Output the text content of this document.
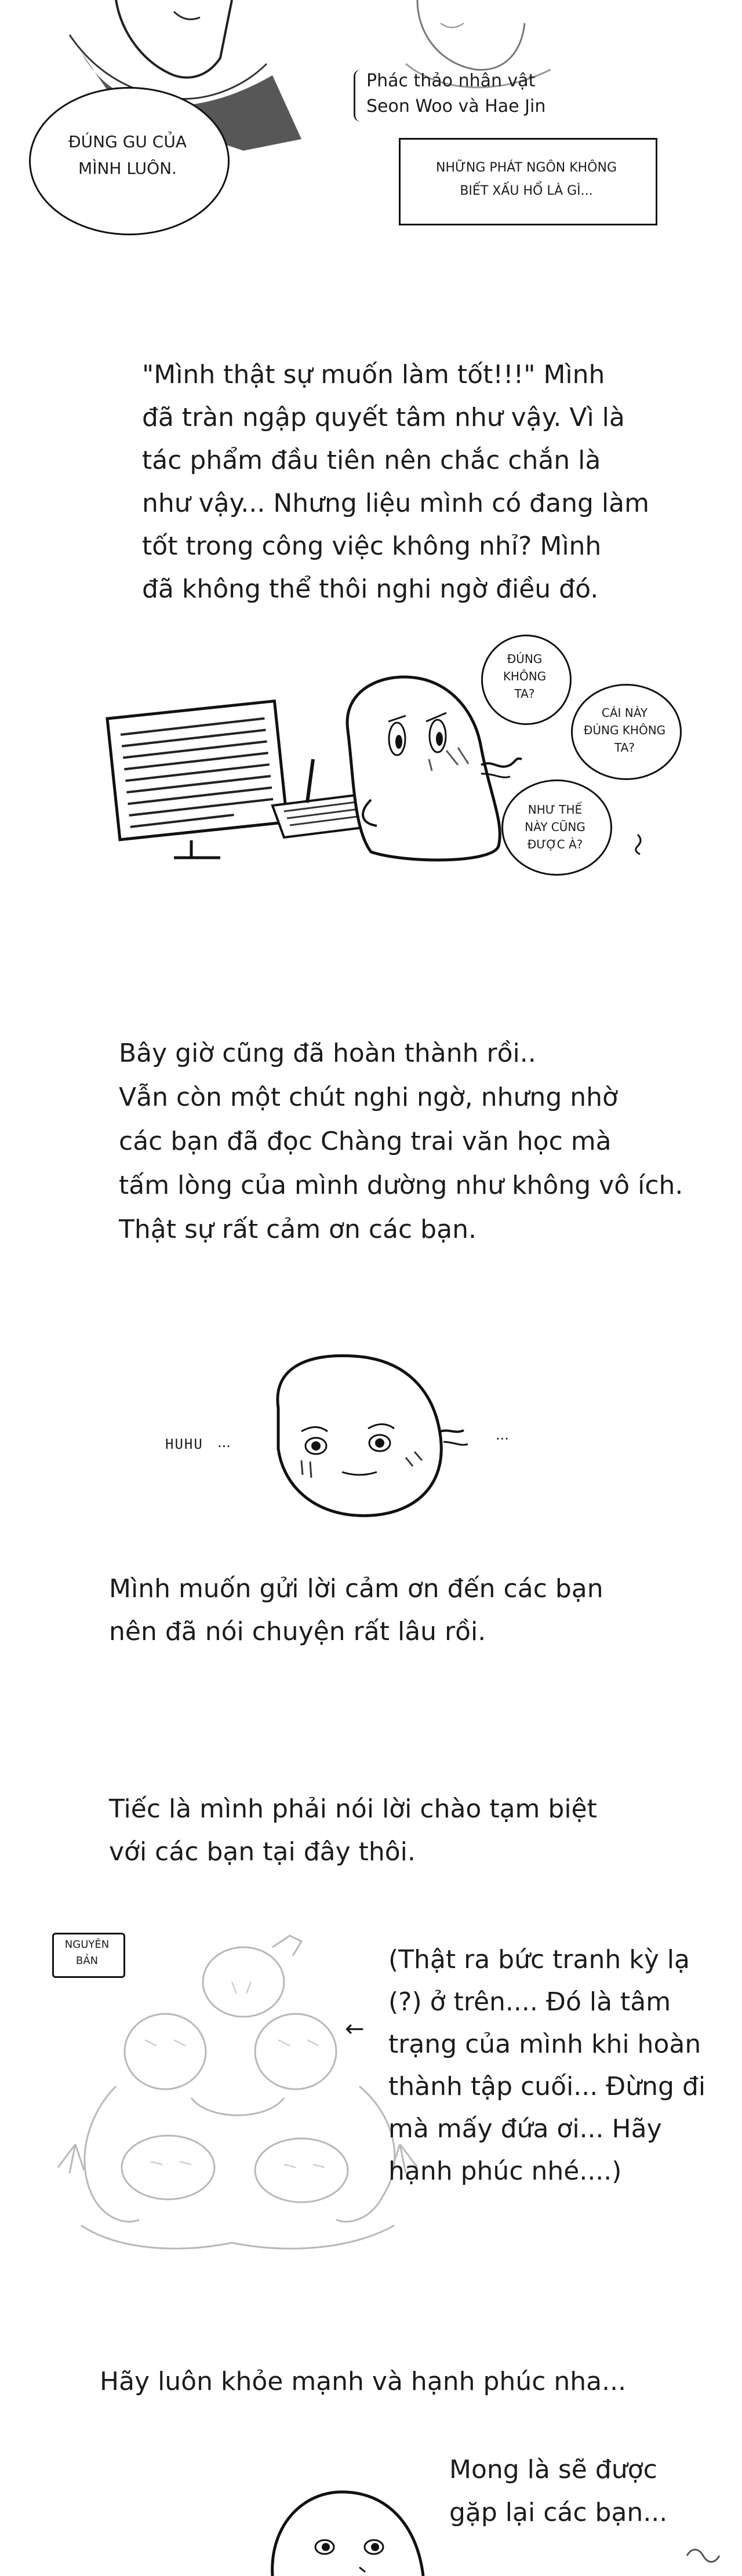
ĐÚNG GU CỦA
MÌNH LUÔN.
Phác thảo nhân vật
Seon Woo và Hae Jin
NHỮNG PHÁT NGÔN KHÔNG
BIẾT XẤU HỔ LÀ GÌ...
"Mình thật sự muốn làm tốt!!!" Mình
đã tràn ngập quyết tâm như vậy. Vì là
tác phẩm đầu tiên nên chắc chắn là
như vậy... Nhưng liệu mình có đang làm
tốt trong công việc không nhỉ? Mình
đã không thể thôi nghi ngờ điều đó.
ĐÚNG
KHÔNG
TA?
CÁI NÀY
ĐÚNG KHÔNG
TA?
NHƯ THẾ
NÀY CŨNG
ĐƯỢC À?
Bây giờ cũng đã hoàn thành rồi..
Vẫn còn một chút nghi ngờ, nhưng nhờ
các bạn đã đọc Chàng trai văn học mà
tấm lòng của mình dường như không vô ích.
Thật sự rất cảm ơn các bạn.
HUHU ...	...
Mình muốn gửi lời cảm ơn đến các bạn
nên đã nói chuyện rất lâu rồi.
Tiếc là mình phải nói lời chào tạm biệt
với các bạn tại đây thôi.
NGUYÊN
BẢN
←
(Thật ra bức tranh kỳ lạ
(?) ở trên.... Đó là tâm
trạng của mình khi hoàn
thành tập cuối... Đừng đi
mà mấy đứa ơi... Hãy
hạnh phúc nhé....)
Hãy luôn khỏe mạnh và hạnh phúc nha...
Mong là sẽ được
gặp lại các bạn...
